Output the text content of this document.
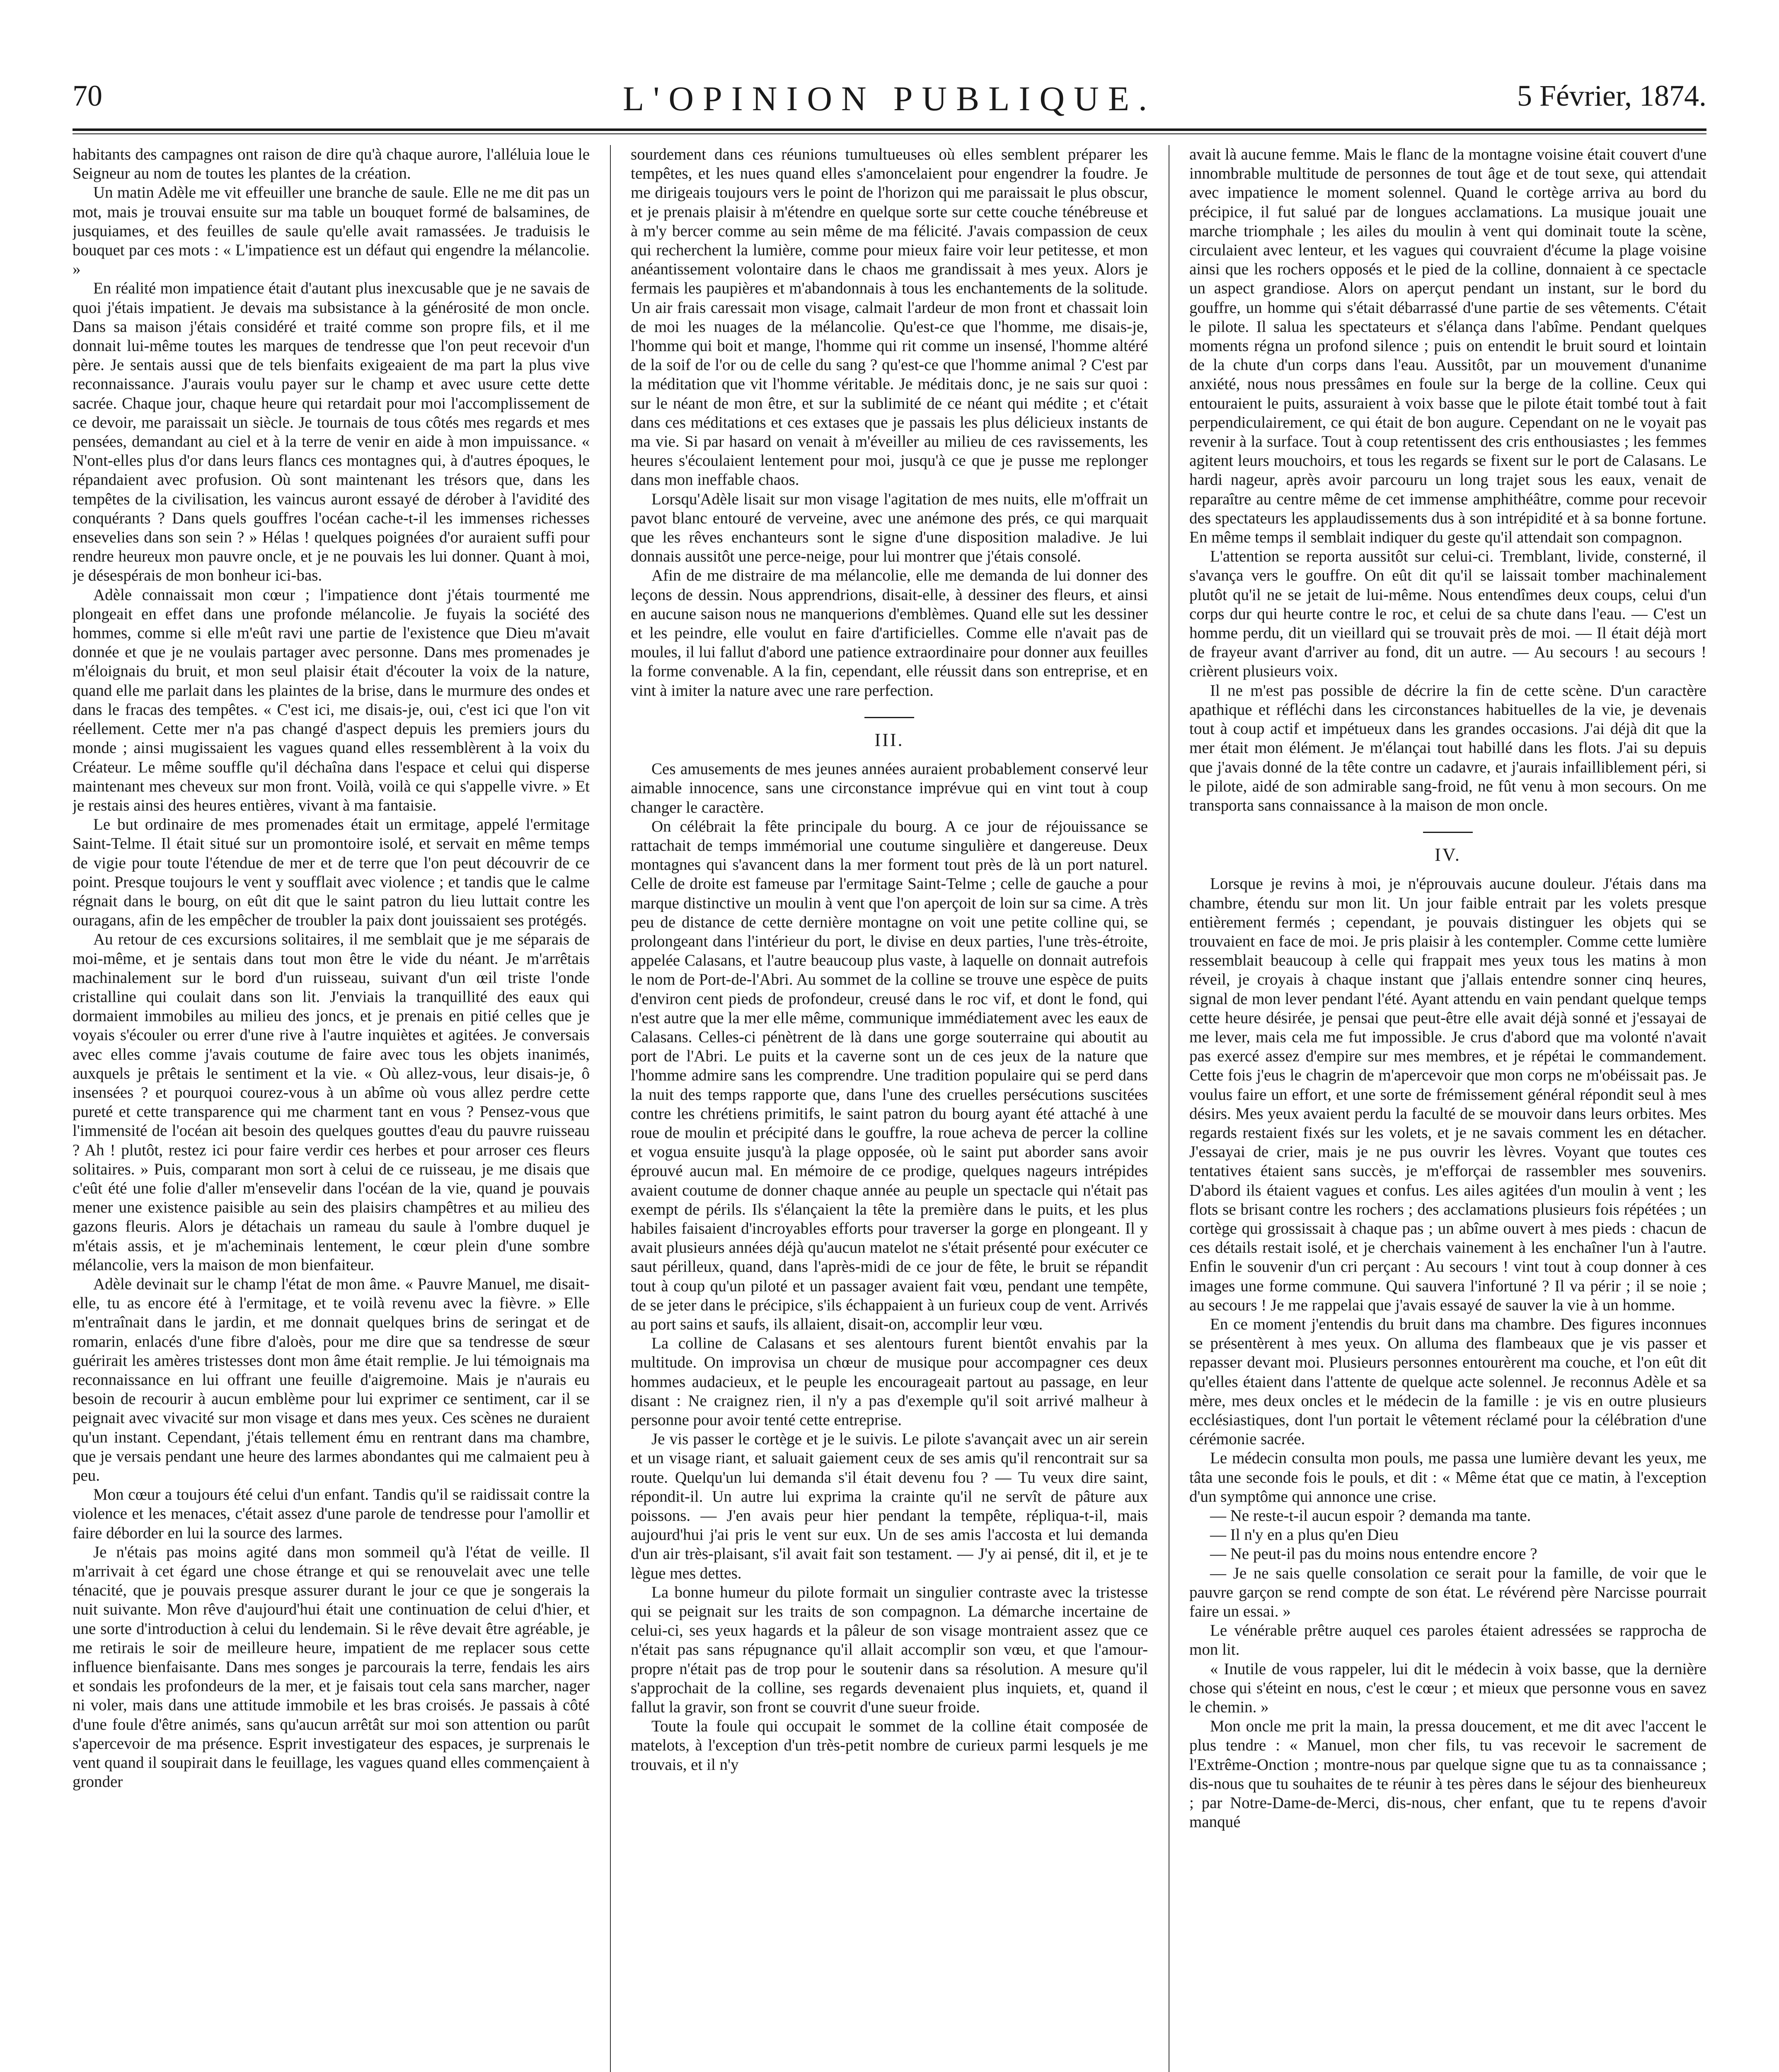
70	L'OPINION PUBLIQUE.	5 Février, 1874.

habitants des campagnes ont raison de dire qu'à chaque aurore, l'alléluia loue le Seigneur au nom de toutes les plantes de la création.

Un matin Adèle me vit effeuiller une branche de saule. Elle ne me dit pas un mot, mais je trouvai ensuite sur ma table un bouquet formé de balsamines, de jusquiames, et des feuilles de saule qu'elle avait ramassées. Je traduisis le bouquet par ces mots : « L'impatience est un défaut qui engendre la mélancolie. »

En réalité mon impatience était d'autant plus inexcusable que je ne savais de quoi j'étais impatient. Je devais ma subsistance à la générosité de mon oncle. Dans sa maison j'étais considéré et traité comme son propre fils, et il me donnait lui-même toutes les marques de tendresse que l'on peut recevoir d'un père. Je sentais aussi que de tels bienfaits exigeaient de ma part la plus vive reconnaissance. J'aurais voulu payer sur le champ et avec usure cette dette sacrée. Chaque jour, chaque heure qui retardait pour moi l'accomplissement de ce devoir, me paraissait un siècle. Je tournais de tous côtés mes regards et mes pensées, demandant au ciel et à la terre de venir en aide à mon impuissance. « N'ont-elles plus d'or dans leurs flancs ces montagnes qui, à d'autres époques, le répandaient avec profusion. Où sont maintenant les trésors que, dans les tempêtes de la civilisation, les vaincus auront essayé de dérober à l'avidité des conquérants ? Dans quels gouffres l'océan cache-t-il les immenses richesses ensevelies dans son sein ? » Hélas ! quelques poignées d'or auraient suffi pour rendre heureux mon pauvre oncle, et je ne pouvais les lui donner. Quant à moi, je désespérais de mon bonheur ici-bas.

Adèle connaissait mon cœur ; l'impatience dont j'étais tourmenté me plongeait en effet dans une profonde mélancolie. Je fuyais la société des hommes, comme si elle m'eût ravi une partie de l'existence que Dieu m'avait donnée et que je ne voulais partager avec personne. Dans mes promenades je m'éloignais du bruit, et mon seul plaisir était d'écouter la voix de la nature, quand elle me parlait dans les plaintes de la brise, dans le murmure des ondes et dans le fracas des tempêtes. « C'est ici, me disais-je, oui, c'est ici que l'on vit réellement. Cette mer n'a pas changé d'aspect depuis les premiers jours du monde ; ainsi mugissaient les vagues quand elles ressemblèrent à la voix du Créateur. Le même souffle qu'il déchaîna dans l'espace et celui qui disperse maintenant mes cheveux sur mon front. Voilà, voilà ce qui s'appelle vivre. » Et je restais ainsi des heures entières, vivant à ma fantaisie.

Le but ordinaire de mes promenades était un ermitage, appelé l'ermitage Saint-Telme. Il était situé sur un promontoire isolé, et servait en même temps de vigie pour toute l'étendue de mer et de terre que l'on peut découvrir de ce point. Presque toujours le vent y soufflait avec violence ; et tandis que le calme régnait dans le bourg, on eût dit que le saint patron du lieu luttait contre les ouragans, afin de les empêcher de troubler la paix dont jouissaient ses protégés.

Au retour de ces excursions solitaires, il me semblait que je me séparais de moi-même, et je sentais dans tout mon être le vide du néant. Je m'arrêtais machinalement sur le bord d'un ruisseau, suivant d'un œil triste l'onde cristalline qui coulait dans son lit. J'enviais la tranquillité des eaux qui dormaient immobiles au milieu des joncs, et je prenais en pitié celles que je voyais s'écouler ou errer d'une rive à l'autre inquiètes et agitées. Je conversais avec elles comme j'avais coutume de faire avec tous les objets inanimés, auxquels je prêtais le sentiment et la vie. « Où allez-vous, leur disais-je, ô insensées ? et pourquoi courez-vous à un abîme où vous allez perdre cette pureté et cette transparence qui me charment tant en vous ? Pensez-vous que l'immensité de l'océan ait besoin des quelques gouttes d'eau du pauvre ruisseau ? Ah ! plutôt, restez ici pour faire verdir ces herbes et pour arroser ces fleurs solitaires. » Puis, comparant mon sort à celui de ce ruisseau, je me disais que c'eût été une folie d'aller m'ensevelir dans l'océan de la vie, quand je pouvais mener une existence paisible au sein des plaisirs champêtres et au milieu des gazons fleuris. Alors je détachais un rameau du saule à l'ombre duquel je m'étais assis, et je m'acheminais lentement, le cœur plein d'une sombre mélancolie, vers la maison de mon bienfaiteur.

Adèle devinait sur le champ l'état de mon âme. « Pauvre Manuel, me disait-elle, tu as encore été à l'ermitage, et te voilà revenu avec la fièvre. » Elle m'entraînait dans le jardin, et me donnait quelques brins de seringat et de romarin, enlacés d'une fibre d'aloès, pour me dire que sa tendresse de sœur guérirait les amères tristesses dont mon âme était remplie. Je lui témoignais ma reconnaissance en lui offrant une feuille d'aigremoine. Mais je n'aurais eu besoin de recourir à aucun emblème pour lui exprimer ce sentiment, car il se peignait avec vivacité sur mon visage et dans mes yeux. Ces scènes ne duraient qu'un instant. Cependant, j'étais tellement ému en rentrant dans ma chambre, que je versais pendant une heure des larmes abondantes qui me calmaient peu à peu.

Mon cœur a toujours été celui d'un enfant. Tandis qu'il se raidissait contre la violence et les menaces, c'était assez d'une parole de tendresse pour l'amollir et faire déborder en lui la source des larmes.

Je n'étais pas moins agité dans mon sommeil qu'à l'état de veille. Il m'arrivait à cet égard une chose étrange et qui se renouvelait avec une telle ténacité, que je pouvais presque assurer durant le jour ce que je songerais la nuit suivante. Mon rêve d'aujourd'hui était une continuation de celui d'hier, et une sorte d'introduction à celui du lendemain. Si le rêve devait être agréable, je me retirais le soir de meilleure heure, impatient de me replacer sous cette influence bienfaisante. Dans mes songes je parcourais la terre, fendais les airs et sondais les profondeurs de la mer, et je faisais tout cela sans marcher, nager ni voler, mais dans une attitude immobile et les bras croisés. Je passais à côté d'une foule d'être animés, sans qu'aucun arrêtât sur moi son attention ou parût s'apercevoir de ma présence. Esprit investigateur des espaces, je surprenais le vent quand il soupirait dans le feuillage, les vagues quand elles commençaient à gronder

sourdement dans ces réunions tumultueuses où elles semblent préparer les tempêtes, et les nues quand elles s'amoncelaient pour engendrer la foudre. Je me dirigeais toujours vers le point de l'horizon qui me paraissait le plus obscur, et je prenais plaisir à m'étendre en quelque sorte sur cette couche ténébreuse et à m'y bercer comme au sein même de ma félicité. J'avais compassion de ceux qui recherchent la lumière, comme pour mieux faire voir leur petitesse, et mon anéantissement volontaire dans le chaos me grandissait à mes yeux. Alors je fermais les paupières et m'abandonnais à tous les enchantements de la solitude. Un air frais caressait mon visage, calmait l'ardeur de mon front et chassait loin de moi les nuages de la mélancolie. Qu'est-ce que l'homme, me disais-je, l'homme qui boit et mange, l'homme qui rit comme un insensé, l'homme altéré de la soif de l'or ou de celle du sang ? qu'est-ce que l'homme animal ? C'est par la méditation que vit l'homme véritable. Je méditais donc, je ne sais sur quoi : sur le néant de mon être, et sur la sublimité de ce néant qui médite ; et c'était dans ces méditations et ces extases que je passais les plus délicieux instants de ma vie. Si par hasard on venait à m'éveiller au milieu de ces ravissements, les heures s'écoulaient lentement pour moi, jusqu'à ce que je pusse me replonger dans mon ineffable chaos.

Lorsqu'Adèle lisait sur mon visage l'agitation de mes nuits, elle m'offrait un pavot blanc entouré de verveine, avec une anémone des prés, ce qui marquait que les rêves enchanteurs sont le signe d'une disposition maladive. Je lui donnais aussitôt une perce-neige, pour lui montrer que j'étais consolé.

Afin de me distraire de ma mélancolie, elle me demanda de lui donner des leçons de dessin. Nous apprendrions, disait-elle, à dessiner des fleurs, et ainsi en aucune saison nous ne manquerions d'emblèmes. Quand elle sut les dessiner et les peindre, elle voulut en faire d'artificielles. Comme elle n'avait pas de moules, il lui fallut d'abord une patience extraordinaire pour donner aux feuilles la forme convenable. A la fin, cependant, elle réussit dans son entreprise, et en vint à imiter la nature avec une rare perfection.

III.

Ces amusements de mes jeunes années auraient probablement conservé leur aimable innocence, sans une circonstance imprévue qui en vint tout à coup changer le caractère.

On célébrait la fête principale du bourg. A ce jour de réjouissance se rattachait de temps immémorial une coutume singulière et dangereuse. Deux montagnes qui s'avancent dans la mer forment tout près de là un port naturel. Celle de droite est fameuse par l'ermitage Saint-Telme ; celle de gauche a pour marque distinctive un moulin à vent que l'on aperçoit de loin sur sa cime. A très peu de distance de cette dernière montagne on voit une petite colline qui, se prolongeant dans l'intérieur du port, le divise en deux parties, l'une très-étroite, appelée Calasans, et l'autre beaucoup plus vaste, à laquelle on donnait autrefois le nom de Port-de-l'Abri. Au sommet de la colline se trouve une espèce de puits d'environ cent pieds de profondeur, creusé dans le roc vif, et dont le fond, qui n'est autre que la mer elle même, communique immédiatement avec les eaux de Calasans. Celles-ci pénètrent de là dans une gorge souterraine qui aboutit au port de l'Abri. Le puits et la caverne sont un de ces jeux de la nature que l'homme admire sans les comprendre. Une tradition populaire qui se perd dans la nuit des temps rapporte que, dans l'une des cruelles persécutions suscitées contre les chrétiens primitifs, le saint patron du bourg ayant été attaché à une roue de moulin et précipité dans le gouffre, la roue acheva de percer la colline et vogua ensuite jusqu'à la plage opposée, où le saint put aborder sans avoir éprouvé aucun mal. En mémoire de ce prodige, quelques nageurs intrépides avaient coutume de donner chaque année au peuple un spectacle qui n'était pas exempt de périls. Ils s'élançaient la tête la première dans le puits, et les plus habiles faisaient d'incroyables efforts pour traverser la gorge en plongeant. Il y avait plusieurs années déjà qu'aucun matelot ne s'était présenté pour exécuter ce saut périlleux, quand, dans l'après-midi de ce jour de fête, le bruit se répandit tout à coup qu'un piloté et un passager avaient fait vœu, pendant une tempête, de se jeter dans le précipice, s'ils échappaient à un furieux coup de vent. Arrivés au port sains et saufs, ils allaient, disait-on, accomplir leur vœu.

La colline de Calasans et ses alentours furent bientôt envahis par la multitude. On improvisa un chœur de musique pour accompagner ces deux hommes audacieux, et le peuple les encourageait partout au passage, en leur disant : Ne craignez rien, il n'y a pas d'exemple qu'il soit arrivé malheur à personne pour avoir tenté cette entreprise.

Je vis passer le cortège et je le suivis. Le pilote s'avançait avec un air serein et un visage riant, et saluait gaiement ceux de ses amis qu'il rencontrait sur sa route. Quelqu'un lui demanda s'il était devenu fou ? — Tu veux dire saint, répondit-il. Un autre lui exprima la crainte qu'il ne servît de pâture aux poissons. — J'en avais peur hier pendant la tempête, répliqua-t-il, mais aujourd'hui j'ai pris le vent sur eux. Un de ses amis l'accosta et lui demanda d'un air très-plaisant, s'il avait fait son testament. — J'y ai pensé, dit il, et je te lègue mes dettes.

La bonne humeur du pilote formait un singulier contraste avec la tristesse qui se peignait sur les traits de son compagnon. La démarche incertaine de celui-ci, ses yeux hagards et la pâleur de son visage montraient assez que ce n'était pas sans répugnance qu'il allait accomplir son vœu, et que l'amour-propre n'était pas de trop pour le soutenir dans sa résolution. A mesure qu'il s'approchait de la colline, ses regards devenaient plus inquiets, et, quand il fallut la gravir, son front se couvrit d'une sueur froide.

Toute la foule qui occupait le sommet de la colline était composée de matelots, à l'exception d'un très-petit nombre de curieux parmi lesquels je me trouvais, et il n'y

avait là aucune femme. Mais le flanc de la montagne voisine était couvert d'une innombrable multitude de personnes de tout âge et de tout sexe, qui attendait avec impatience le moment solennel. Quand le cortège arriva au bord du précipice, il fut salué par de longues acclamations. La musique jouait une marche triomphale ; les ailes du moulin à vent qui dominait toute la scène, circulaient avec lenteur, et les vagues qui couvraient d'écume la plage voisine ainsi que les rochers opposés et le pied de la colline, donnaient à ce spectacle un aspect grandiose. Alors on aperçut pendant un instant, sur le bord du gouffre, un homme qui s'était débarrassé d'une partie de ses vêtements. C'était le pilote. Il salua les spectateurs et s'élança dans l'abîme. Pendant quelques moments régna un profond silence ; puis on entendit le bruit sourd et lointain de la chute d'un corps dans l'eau. Aussitôt, par un mouvement d'unanime anxiété, nous nous pressâmes en foule sur la berge de la colline. Ceux qui entouraient le puits, assuraient à voix basse que le pilote était tombé tout à fait perpendiculairement, ce qui était de bon augure. Cependant on ne le voyait pas revenir à la surface. Tout à coup retentissent des cris enthousiastes ; les femmes agitent leurs mouchoirs, et tous les regards se fixent sur le port de Calasans. Le hardi nageur, après avoir parcouru un long trajet sous les eaux, venait de reparaître au centre même de cet immense amphithéâtre, comme pour recevoir des spectateurs les applaudissements dus à son intrépidité et à sa bonne fortune. En même temps il semblait indiquer du geste qu'il attendait son compagnon.

L'attention se reporta aussitôt sur celui-ci. Tremblant, livide, consterné, il s'avança vers le gouffre. On eût dit qu'il se laissait tomber machinalement plutôt qu'il ne se jetait de lui-même. Nous entendîmes deux coups, celui d'un corps dur qui heurte contre le roc, et celui de sa chute dans l'eau. — C'est un homme perdu, dit un vieillard qui se trouvait près de moi. — Il était déjà mort de frayeur avant d'arriver au fond, dit un autre. — Au secours ! au secours ! crièrent plusieurs voix.

Il ne m'est pas possible de décrire la fin de cette scène. D'un caractère apathique et réfléchi dans les circonstances habituelles de la vie, je devenais tout à coup actif et impétueux dans les grandes occasions. J'ai déjà dit que la mer était mon élément. Je m'élançai tout habillé dans les flots. J'ai su depuis que j'avais donné de la tête contre un cadavre, et j'aurais infailliblement péri, si le pilote, aidé de son admirable sang-froid, ne fût venu à mon secours. On me transporta sans connaissance à la maison de mon oncle.

IV.

Lorsque je revins à moi, je n'éprouvais aucune douleur. J'étais dans ma chambre, étendu sur mon lit. Un jour faible entrait par les volets presque entièrement fermés ; cependant, je pouvais distinguer les objets qui se trouvaient en face de moi. Je pris plaisir à les contempler. Comme cette lumière ressemblait beaucoup à celle qui frappait mes yeux tous les matins à mon réveil, je croyais à chaque instant que j'allais entendre sonner cinq heures, signal de mon lever pendant l'été. Ayant attendu en vain pendant quelque temps cette heure désirée, je pensai que peut-être elle avait déjà sonné et j'essayai de me lever, mais cela me fut impossible. Je crus d'abord que ma volonté n'avait pas exercé assez d'empire sur mes membres, et je répétai le commandement. Cette fois j'eus le chagrin de m'apercevoir que mon corps ne m'obéissait pas. Je voulus faire un effort, et une sorte de frémissement général répondit seul à mes désirs. Mes yeux avaient perdu la faculté de se mouvoir dans leurs orbites. Mes regards restaient fixés sur les volets, et je ne savais comment les en détacher. J'essayai de crier, mais je ne pus ouvrir les lèvres. Voyant que toutes ces tentatives étaient sans succès, je m'efforçai de rassembler mes souvenirs. D'abord ils étaient vagues et confus. Les ailes agitées d'un moulin à vent ; les flots se brisant contre les rochers ; des acclamations plusieurs fois répétées ; un cortège qui grossissait à chaque pas ; un abîme ouvert à mes pieds : chacun de ces détails restait isolé, et je cherchais vainement à les enchaîner l'un à l'autre. Enfin le souvenir d'un cri perçant : Au secours ! vint tout à coup donner à ces images une forme commune. Qui sauvera l'infortuné ? Il va périr ; il se noie ; au secours ! Je me rappelai que j'avais essayé de sauver la vie à un homme.

En ce moment j'entendis du bruit dans ma chambre. Des figures inconnues se présentèrent à mes yeux. On alluma des flambeaux que je vis passer et repasser devant moi. Plusieurs personnes entourèrent ma couche, et l'on eût dit qu'elles étaient dans l'attente de quelque acte solennel. Je reconnus Adèle et sa mère, mes deux oncles et le médecin de la famille : je vis en outre plusieurs ecclésiastiques, dont l'un portait le vêtement réclamé pour la célébration d'une cérémonie sacrée.

Le médecin consulta mon pouls, me passa une lumière devant les yeux, me tâta une seconde fois le pouls, et dit : « Même état que ce matin, à l'exception d'un symptôme qui annonce une crise.

— Ne reste-t-il aucun espoir ? demanda ma tante.

— Il n'y en a plus qu'en Dieu

— Ne peut-il pas du moins nous entendre encore ?

— Je ne sais quelle consolation ce serait pour la famille, de voir que le pauvre garçon se rend compte de son état. Le révérend père Narcisse pourrait faire un essai. »

Le vénérable prêtre auquel ces paroles étaient adressées se rapprocha de mon lit.

« Inutile de vous rappeler, lui dit le médecin à voix basse, que la dernière chose qui s'éteint en nous, c'est le cœur ; et mieux que personne vous en savez le chemin. »

Mon oncle me prit la main, la pressa doucement, et me dit avec l'accent le plus tendre : « Manuel, mon cher fils, tu vas recevoir le sacrement de l'Extrême-Onction ; montre-nous par quelque signe que tu as ta connaissance ; dis-nous que tu souhaites de te réunir à tes pères dans le séjour des bienheureux ; par Notre-Dame-de-Merci, dis-nous, cher enfant, que tu te repens d'avoir manqué
